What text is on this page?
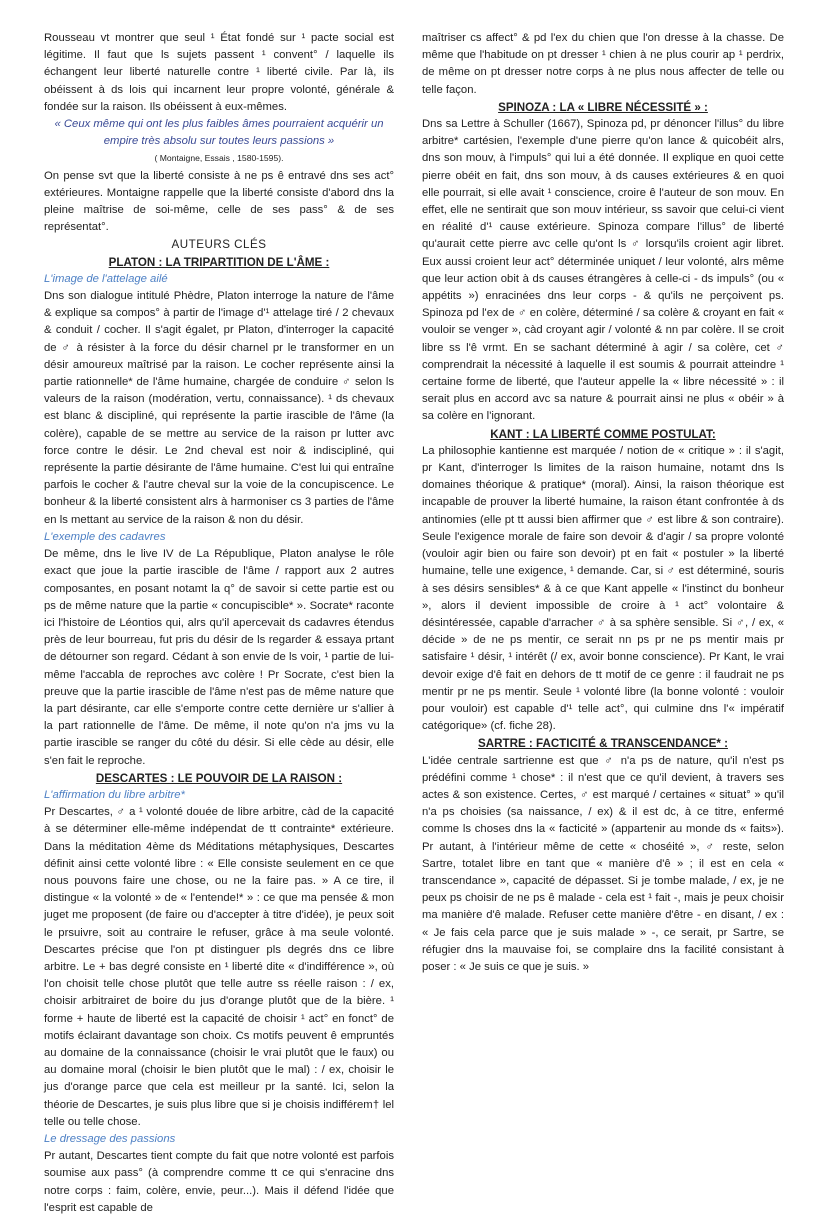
Rousseau vt montrer que seul ¹ État fondé sur ¹ pacte social est légitime. Il faut que ls sujets passent ¹ convent° / laquelle ils échangent leur liberté naturelle contre ¹ liberté civile. Par là, ils obéissent à ds lois qui incarnent leur propre volonté, générale & fondée sur la raison. Ils obéissent à eux-mêmes.

« Ceux même qui ont les plus faibles âmes pourraient acquérir un empire très absolu sur toutes leurs passions »

( Montaigne, Essais , 1580-1595).

On pense svt que la liberté consiste à ne ps ê entravé dns ses act° extérieures. Montaigne rappelle que la liberté consiste d'abord dns la pleine maîtrise de soi-même, celle de ses pass° & de ses représentat°.

AUTEURS CLÉS

PLATON : LA TRIPARTITION DE L'ÂME :

L'image de l'attelage ailé

Dns son dialogue intitulé Phèdre, Platon interroge la nature de l'âme & explique sa compos° à partir de l'image d'¹ attelage tiré / 2 chevaux & conduit / cocher. Il s'agit égalet, pr Platon, d'interroger la capacité de ♂ à résister à la force du désir charnel pr le transformer en un désir amoureux maîtrisé par la raison. Le cocher représente ainsi la partie rationnelle* de l'âme humaine, chargée de conduire ♂ selon ls valeurs de la raison (modération, vertu, connaissance). ¹ ds chevaux est blanc & discipliné, qui représente la partie irascible de l'âme (la colère), capable de se mettre au service de la raison pr lutter avc force contre le désir. Le 2nd cheval est noir & indiscipliné, qui représente la partie désirante de l'âme humaine. C'est lui qui entraîne parfois le cocher & l'autre cheval sur la voie de la concupiscence. Le bonheur & la liberté consistent alrs à harmoniser cs 3 parties de l'âme en ls mettant au service de la raison & non du désir.

L'exemple des cadavres

De même, dns le live IV de La République, Platon analyse le rôle exact que joue la partie irascible de l'âme / rapport aux 2 autres composantes, en posant notamt la q° de savoir si cette partie est ou ps de même nature que la partie « concupiscible* ». Socrate* raconte ici l'histoire de Léontios qui, alrs qu'il apercevait ds cadavres étendus près de leur bourreau, fut pris du désir de ls regarder & essaya prtant de détourner son regard. Cédant à son envie de ls voir, ¹ partie de lui-même l'accabla de reproches avc colère ! Pr Socrate, c'est bien la preuve que la partie irascible de l'âme n'est pas de même nature que la part désirante, car elle s'emporte contre cette dernière ur s'allier à la part rationnelle de l'âme. De même, il note qu'on n'a jms vu la partie irascible se ranger du côté du désir. Si elle cède au désir, elle s'en fait le reproche.

DESCARTES : LE POUVOIR DE LA RAISON :

L'affirmation du libre arbitre*

Pr Descartes, ♂ a ¹ volonté douée de libre arbitre, càd de la capacité à se déterminer elle-même indépendat de tt contrainte* extérieure. Dans la méditation 4ème ds Méditations métaphysiques, Descartes définit ainsi cette volonté libre : « Elle consiste seulement en ce que nous pouvons faire une chose, ou ne la faire pas. » A ce tire, il distingue « la volonté » de « l'entende!* » : ce que ma pensée & mon juget me proposent (de faire ou d'accepter à titre d'idée), je peux soit le prsuivre, soit au contraire le refuser, grâce à ma seule volonté. Descartes précise que l'on pt distinguer pls degrés dns ce libre arbitre. Le + bas degré consiste en ¹ liberté dite « d'indifférence », où l'on choisit telle chose plutôt que telle autre ss réelle raison : / ex, choisir arbitrairet de boire du jus d'orange plutôt que de la bière. ¹ forme + haute de liberté est la capacité de choisir ¹ act° en fonct° de motifs éclairant davantage son choix. Cs motifs peuvent ê empruntés au domaine de la connaissance (choisir le vrai plutôt que le faux) ou au domaine moral (choisir le bien plutôt que le mal) : / ex, choisir le jus d'orange parce que cela est meilleur pr la santé. Ici, selon la théorie de Descartes, je suis plus libre que si je choisis indifférem† lel telle ou telle chose.

Le dressage des passions

Pr autant, Descartes tient compte du fait que notre volonté est parfois soumise aux pass° (à comprendre comme tt ce qui s'enracine dns notre corps : faim, colère, envie, peur...). Mais il défend l'idée que l'esprit est capable de

maîtriser cs affect° & pd l'ex du chien que l'on dresse à la chasse. De même que l'habitude on pt dresser ¹ chien à ne plus courir ap ¹ perdrix, de même on pt dresser notre corps à ne plus nous affecter de telle ou telle façon.

SPINOZA : LA « LIBRE NÉCESSITÉ » :

Dns sa Lettre à Schuller (1667), Spinoza pd, pr dénoncer l'illus° du libre arbitre* cartésien, l'exemple d'une pierre qu'on lance & quicobéit alrs, dns son mouv, à l'impuls° qui lui a été donnée. Il explique en quoi cette pierre obéit en fait, dns son mouv, à ds causes extérieures & en quoi elle pourrait, si elle avait ¹ conscience, croire ê l'auteur de son mouv. En effet, elle ne sentirait que son mouv intérieur, ss savoir que celui-ci vient en réalité d'¹ cause extérieure. Spinoza compare l'illus° de liberté qu'aurait cette pierre avc celle qu'ont ls ♂ lorsqu'ils croient agir libret. Eux aussi croient leur act° déterminée uniquet / leur volonté, alrs même que leur action obit à ds causes étrangères à celle-ci - ds impuls° (ou « appétits ») enracinées dns leur corps - & qu'ils ne perçoivent ps. Spinoza pd l'ex de ♂ en colère, déterminé / sa colère & croyant en fait « vouloir se venger », càd croyant agir / volonté & nn par colère. Il se croit libre ss l'ê vrmt. En se sachant déterminé à agir / sa colère, cet ♂ comprendrait la nécessité à laquelle il est soumis & pourrait atteindre ¹ certaine forme de liberté, que l'auteur appelle la « libre nécessité » : il serait plus en accord avc sa nature & pourrait ainsi ne plus « obéir » à sa colère en l'ignorant.

KANT : LA LIBERTÉ COMME POSTULAT:

La philosophie kantienne est marquée / notion de « critique » : il s'agit, pr Kant, d'interroger ls limites de la raison humaine, notamt dns ls domaines théorique & pratique* (moral). Ainsi, la raison théorique est incapable de prouver la liberté humaine, la raison étant confrontée à ds antinomies (elle pt tt aussi bien affirmer que ♂ est libre & son contraire). Seule l'exigence morale de faire son devoir & d'agir / sa propre volonté (vouloir agir bien ou faire son devoir) pt en fait « postuler » la liberté humaine, telle une exigence, ¹ demande. Car, si ♂ est déterminé, souris à ses désirs sensibles* & à ce que Kant appelle « l'instinct du bonheur », alors il devient impossible de croire à ¹ act° volontaire & désintéressée, capable d'arracher ♂ à sa sphère sensible. Si ♂, / ex, « décide » de ne ps mentir, ce serait nn ps pr ne ps mentir mais pr satisfaire ¹ désir, ¹ intérêt (/ ex, avoir bonne conscience). Pr Kant, le vrai devoir exige d'ê fait en dehors de tt motif de ce genre : il faudrait ne ps mentir pr ne ps mentir. Seule ¹ volonté libre (la bonne volonté : vouloir pour vouloir) est capable d'¹ telle act°, qui culmine dns l'« impératif catégorique» (cf. fiche 28).

SARTRE : FACTICITÉ & TRANSCENDANCE* :

L'idée centrale sartrienne est que ♂ n'a ps de nature, qu'il n'est ps prédéfini comme ¹ chose* : il n'est que ce qu'il devient, à travers ses actes & son existence. Certes, ♂ est marqué / certaines « situat° » qu'il n'a ps choisies (sa naissance, / ex) & il est dc, à ce titre, enfermé comme ls choses dns la « facticité » (appartenir au monde ds « faits»). Pr autant, à l'intérieur même de cette « choséité », ♂ reste, selon Sartre, totalet libre en tant que « manière d'ê » ; il est en cela « transcendance », capacité de dépasset. Si je tombe malade, / ex, je ne peux ps choisir de ne ps ê malade - cela est ¹ fait -, mais je peux choisir ma manière d'ê malade. Refuser cette manière d'être - en disant, / ex : « Je fais cela parce que je suis malade » -, ce serait, pr Sartre, se réfugier dns la mauvaise foi, se complaire dns la facilité consistant à poser : « Je suis ce que je suis. »
